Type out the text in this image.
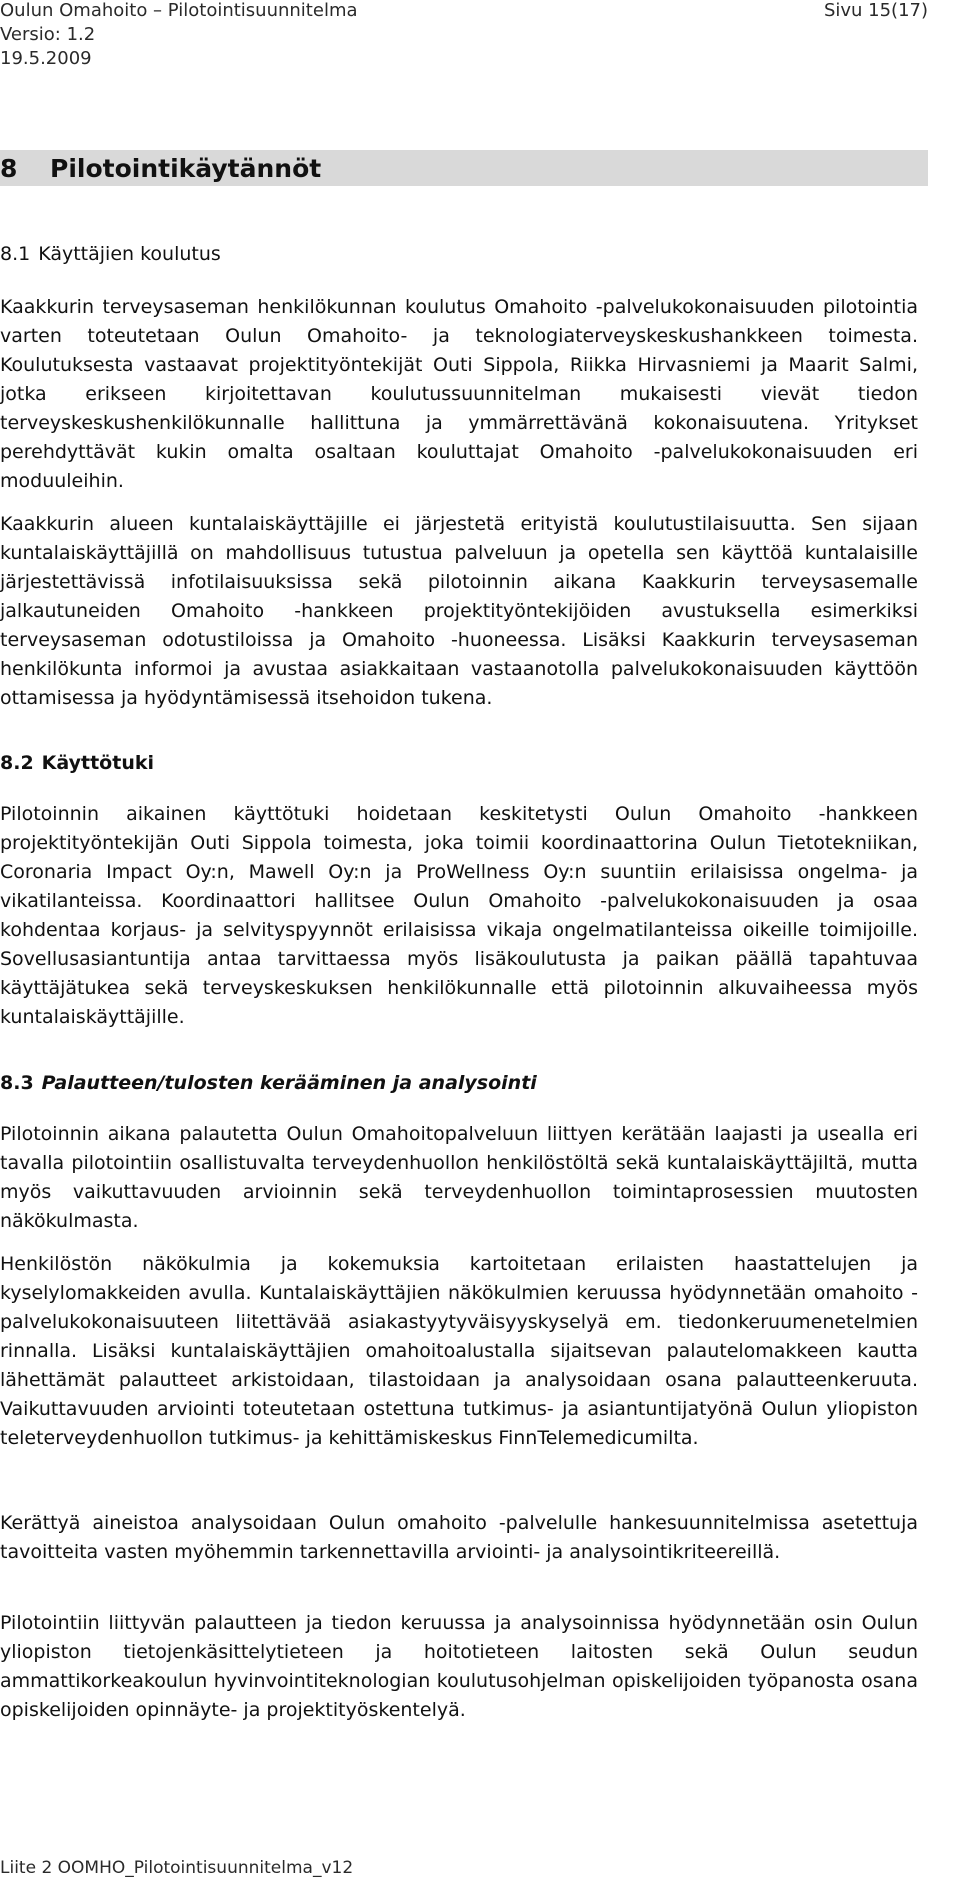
Oulun Omahoito – Pilotointisuunnitelma	Sivu 15(17)
Versio: 1.2
19.5.2009
8	Pilotointikäytännöt
8.1 Käyttäjien koulutus
Kaakkurin terveysaseman henkilökunnan koulutus Omahoito -palvelukokonaisuuden pilotointia varten toteutetaan Oulun Omahoito- ja teknologiaterveyskeskushankkeen toimesta. Koulutuksesta vastaavat projektityöntekijät Outi Sippola, Riikka Hirvasniemi ja Maarit Salmi, jotka erikseen kirjoitettavan koulutussuunnitelman mukaisesti vievät tiedon terveyskeskushenkilökunnalle hallittuna ja ymmärrettävänä kokonaisuutena. Yritykset perehdyttävät kukin omalta osaltaan kouluttajat Omahoito -palvelukokonaisuuden eri moduuleihin.
Kaakkurin alueen kuntalaiskäyttäjille ei järjestetä erityistä koulutustilaisuutta. Sen sijaan kuntalaiskäyttäjillä on mahdollisuus tutustua palveluun ja opetella sen käyttöä kuntalaisille järjestettävissä infotilaisuuksissa sekä pilotoinnin aikana Kaakkurin terveysasemalle jalkautuneiden Omahoito -hankkeen projektityöntekijöiden avustuksella esimerkiksi terveysaseman odotustiloissa ja Omahoito -huoneessa. Lisäksi Kaakkurin terveysaseman henkilökunta informoi ja avustaa asiakkaitaan vastaanotolla palvelukokonaisuuden käyttöön ottamisessa ja hyödyntämisessä itsehoidon tukena.
8.2 Käyttötuki
Pilotoinnin aikainen käyttötuki hoidetaan keskitetysti Oulun Omahoito -hankkeen projektityöntekijän Outi Sippola toimesta, joka toimii koordinaattorina Oulun Tietotekniikan, Coronaria Impact Oy:n, Mawell Oy:n ja ProWellness Oy:n suuntiin erilaisissa ongelma- ja vikatilanteissa. Koordinaattori hallitsee Oulun Omahoito -palvelukokonaisuuden ja osaa kohdentaa korjaus- ja selvityspyynnöt erilaisissa vikaja ongelmatilanteissa oikeille toimijoille. Sovellusasiantuntija antaa tarvittaessa myös lisäkoulutusta ja paikan päällä tapahtuvaa käyttäjätukea sekä terveyskeskuksen henkilökunnalle että pilotoinnin alkuvaiheessa myös kuntalaiskäyttäjille.
8.3 Palautteen/tulosten kerääminen ja analysointi
Pilotoinnin aikana palautetta Oulun Omahoitopalveluun liittyen kerätään laajasti ja usealla eri tavalla pilotointiin osallistuvalta terveydenhuollon henkilöstöltä sekä kuntalaiskäyttäjiltä, mutta myös vaikuttavuuden arvioinnin sekä terveydenhuollon toimintaprosessien muutosten näkökulmasta.
Henkilöstön näkökulmia ja kokemuksia kartoitetaan erilaisten haastattelujen ja kyselylomakkeiden avulla. Kuntalaiskäyttäjien näkökulmien keruussa hyödynnetään omahoito -palvelukokonaisuuteen liitettävää asiakastyytyväisyyskyselyä em. tiedonkeruumenetelmien rinnalla. Lisäksi kuntalaiskäyttäjien omahoitoalustalla sijaitsevan palautelomakkeen kautta lähettämät palautteet arkistoidaan, tilastoidaan ja analysoidaan osana palautteenkeruuta. Vaikuttavuuden arviointi toteutetaan ostettuna tutkimus- ja asiantuntijatyönä Oulun yliopiston teleterveydenhuollon tutkimus- ja kehittämiskeskus FinnTelemedicumilta.
Kerättyä aineistoa analysoidaan Oulun omahoito -palvelulle hankesuunnitelmissa asetettuja tavoitteita vasten myöhemmin tarkennettavilla arviointi- ja analysointikriteereillä.
Pilotointiin liittyvän palautteen ja tiedon keruussa ja analysoinnissa hyödynnetään osin Oulun yliopiston tietojenkäsittelytieteen ja hoitotieteen laitosten sekä Oulun seudun ammattikorkeakoulun hyvinvointiteknologian koulutusohjelman opiskelijoiden työpanosta osana opiskelijoiden opinnäyte- ja projektityöskentelyä.
Liite 2 OOMHO_Pilotointisuunnitelma_v12
